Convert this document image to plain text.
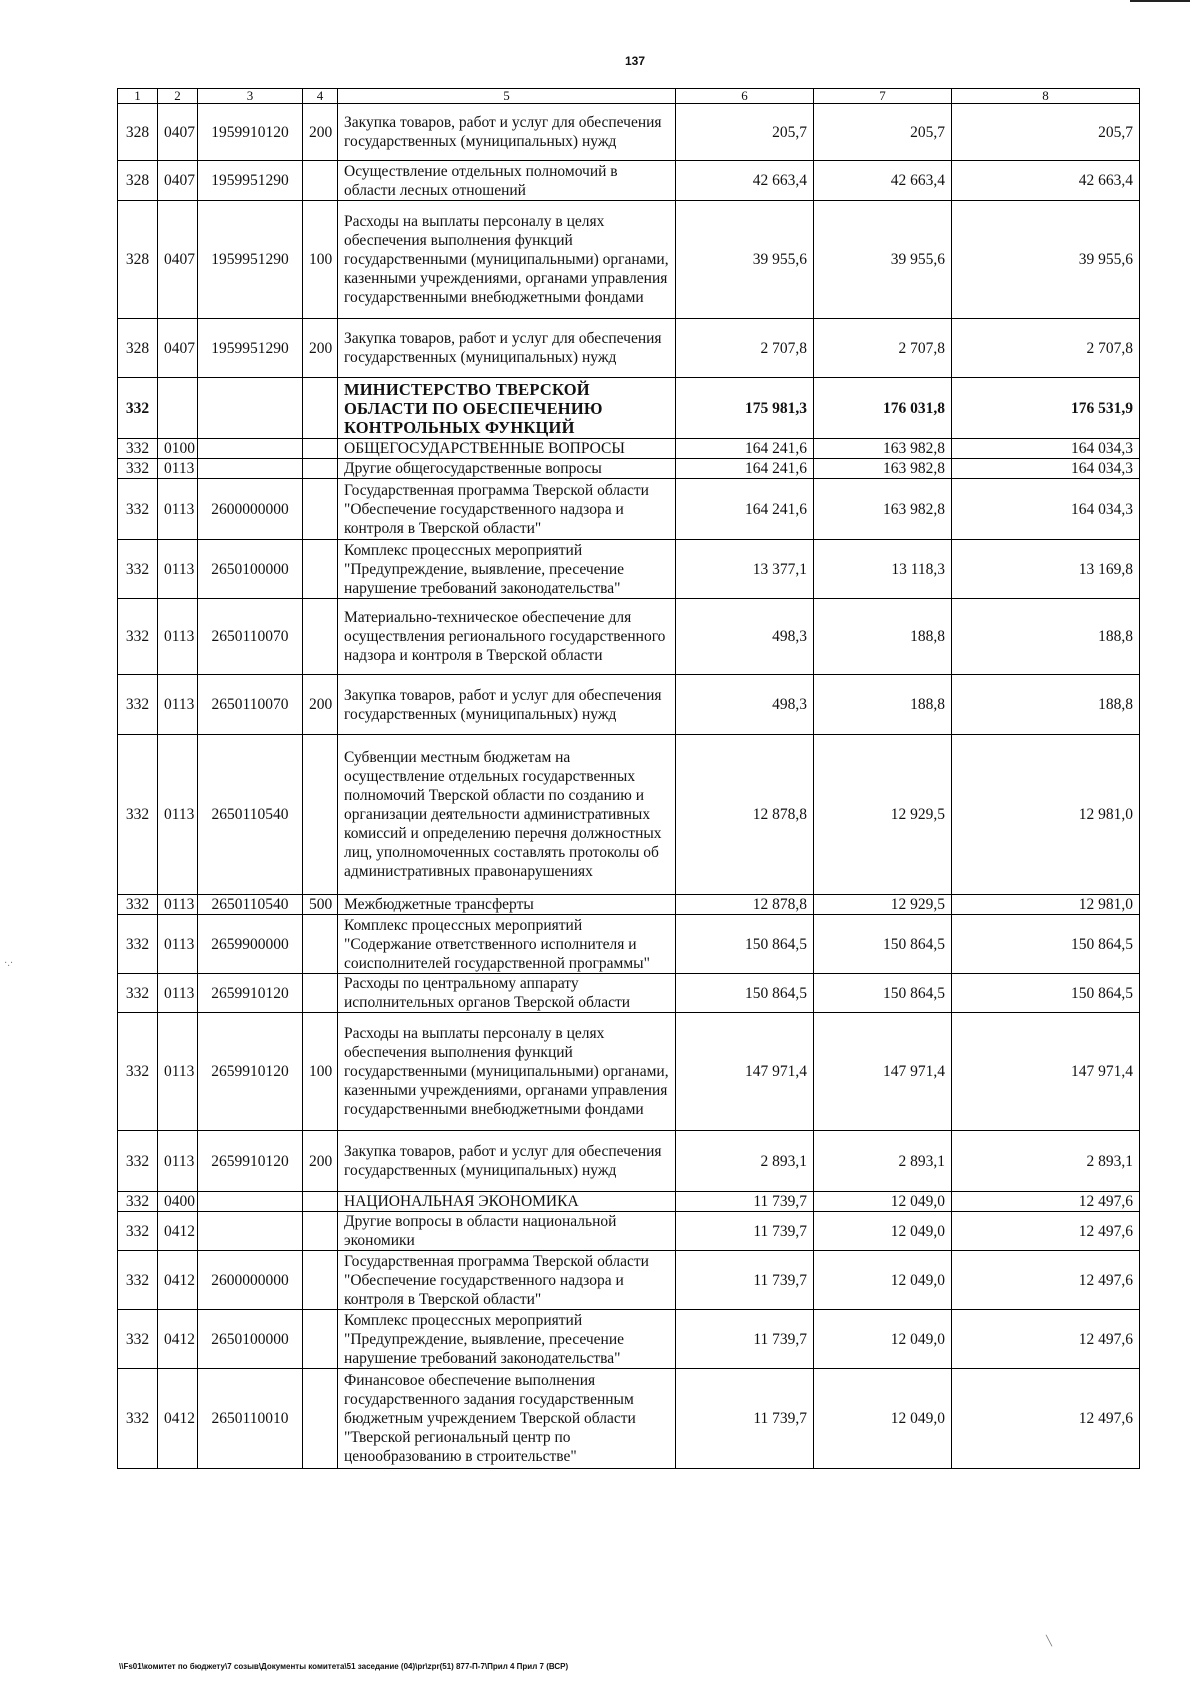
137
1	2	3	4	5	6	7	8
328	0407	1959910120	200	Закупка товаров, работ и услуг для обеспечения государственных (муниципальных) нужд	205,7	205,7	205,7
328	0407	1959951290		Осуществление отдельных полномочий в области лесных отношений	42 663,4	42 663,4	42 663,4
328	0407	1959951290	100	Расходы на выплаты персоналу в целях обеспечения выполнения функций государственными (муниципальными) органами, казенными учреждениями, органами управления государственными внебюджетными фондами	39 955,6	39 955,6	39 955,6
328	0407	1959951290	200	Закупка товаров, работ и услуг для обеспечения государственных (муниципальных) нужд	2 707,8	2 707,8	2 707,8
332				МИНИСТЕРСТВО ТВЕРСКОЙ ОБЛАСТИ ПО ОБЕСПЕЧЕНИЮ КОНТРОЛЬНЫХ ФУНКЦИЙ	175 981,3	176 031,8	176 531,9
332	0100			ОБЩЕГОСУДАРСТВЕННЫЕ ВОПРОСЫ	164 241,6	163 982,8	164 034,3
332	0113			Другие общегосударственные вопросы	164 241,6	163 982,8	164 034,3
332	0113	2600000000		Государственная программа Тверской области "Обеспечение государственного надзора и контроля в Тверской области"	164 241,6	163 982,8	164 034,3
332	0113	2650100000		Комплекс процессных мероприятий "Предупреждение, выявление, пресечение нарушение требований законодательства"	13 377,1	13 118,3	13 169,8
332	0113	2650110070		Материально-техническое обеспечение для осуществления регионального государственного надзора и контроля в Тверской области	498,3	188,8	188,8
332	0113	2650110070	200	Закупка товаров, работ и услуг для обеспечения государственных (муниципальных) нужд	498,3	188,8	188,8
332	0113	2650110540		Субвенции местным бюджетам на осуществление отдельных государственных полномочий Тверской области по созданию и организации деятельности административных комиссий и определению перечня должностных лиц, уполномоченных составлять протоколы об административных правонарушениях	12 878,8	12 929,5	12 981,0
332	0113	2650110540	500	Межбюджетные трансферты	12 878,8	12 929,5	12 981,0
332	0113	2659900000		Комплекс процессных мероприятий "Содержание ответственного исполнителя и соисполнителей государственной программы"	150 864,5	150 864,5	150 864,5
332	0113	2659910120		Расходы по центральному аппарату исполнительных органов Тверской области	150 864,5	150 864,5	150 864,5
332	0113	2659910120	100	Расходы на выплаты персоналу в целях обеспечения выполнения функций государственными (муниципальными) органами, казенными учреждениями, органами управления государственными внебюджетными фондами	147 971,4	147 971,4	147 971,4
332	0113	2659910120	200	Закупка товаров, работ и услуг для обеспечения государственных (муниципальных) нужд	2 893,1	2 893,1	2 893,1
332	0400			НАЦИОНАЛЬНАЯ ЭКОНОМИКА	11 739,7	12 049,0	12 497,6
332	0412			Другие вопросы в области национальной экономики	11 739,7	12 049,0	12 497,6
332	0412	2600000000		Государственная программа Тверской области "Обеспечение государственного надзора и контроля в Тверской области"	11 739,7	12 049,0	12 497,6
332	0412	2650100000		Комплекс процессных мероприятий "Предупреждение, выявление, пресечение нарушение требований законодательства"	11 739,7	12 049,0	12 497,6
332	0412	2650110010		Финансовое обеспечение выполнения государственного задания государственным бюджетным учреждением Тверской области "Тверской региональный центр по ценообразованию в строительстве"	11 739,7	12 049,0	12 497,6
\\Fs01\комитет по бюджету\7 созыв\Документы комитета\51 заседание (04)\pr\zpr(51) 877-П-7\Прил 4 Прил 7 (ВСР)
·.·
╲
